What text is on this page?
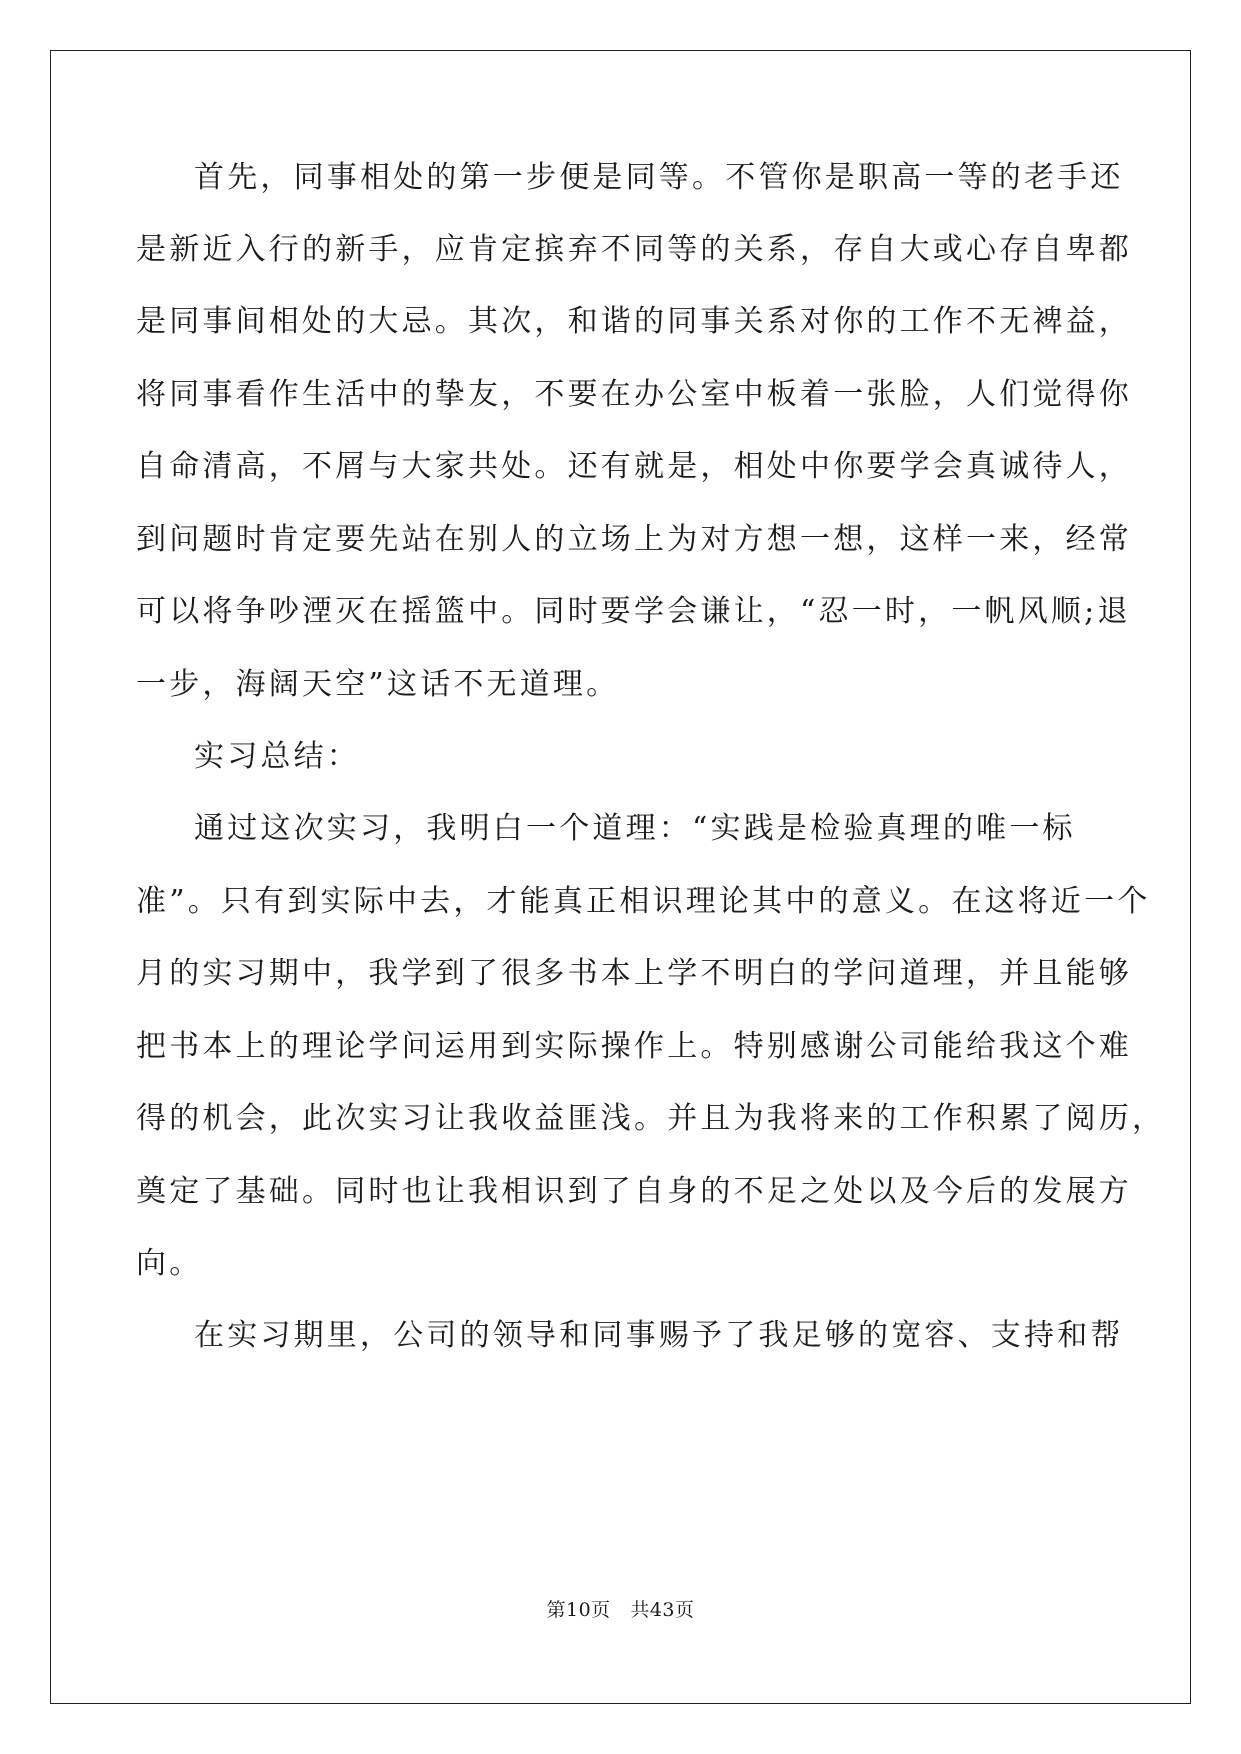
首先，同事相处的第一步便是同等。不管你是职高一等的老手还
是新近入行的新手，应肯定摈弃不同等的关系，存自大或心存自卑都
是同事间相处的大忌。其次，和谐的同事关系对你的工作不无裨益，
将同事看作生活中的挚友，不要在办公室中板着一张脸，人们觉得你
自命清高，不屑与大家共处。还有就是，相处中你要学会真诚待人，
到问题时肯定要先站在别人的立场上为对方想一想，这样一来，经常
可以将争吵湮灭在摇篮中。同时要学会谦让，“忍一时，一帆风顺;退
一步，海阔天空”这话不无道理。
实习总结：
通过这次实习，我明白一个道理：“实践是检验真理的唯一标
准”。只有到实际中去，才能真正相识理论其中的意义。在这将近一个
月的实习期中，我学到了很多书本上学不明白的学问道理，并且能够
把书本上的理论学问运用到实际操作上。特别感谢公司能给我这个难
得的机会，此次实习让我收益匪浅。并且为我将来的工作积累了阅历，
奠定了基础。同时也让我相识到了自身的不足之处以及今后的发展方
向。
在实习期里，公司的领导和同事赐予了我足够的宽容、支持和帮
第10页 共43页
